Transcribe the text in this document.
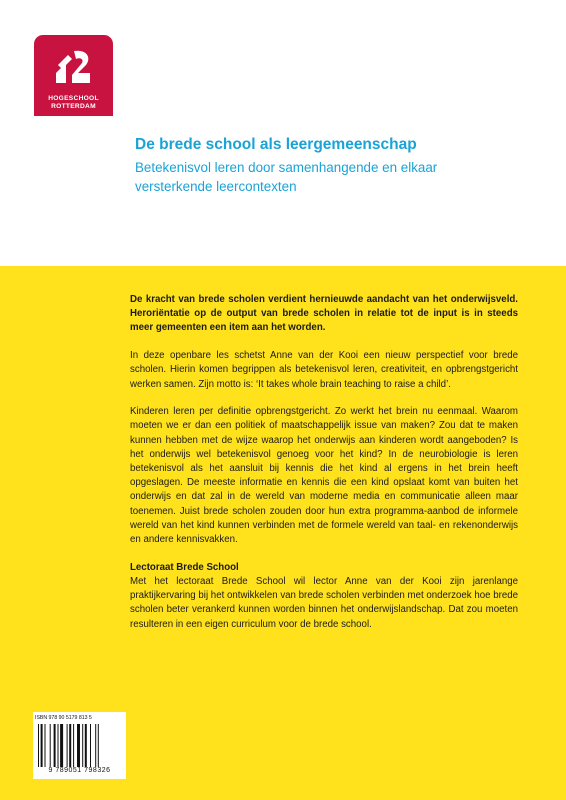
HOGESCHOOL
ROTTERDAM
De brede school als leergemeenschap
Betekenisvol leren door samenhangende en elkaar versterkende leercontexten

De kracht van brede scholen verdient hernieuwde aandacht van het onderwijsveld. Heroriëntatie op de output van brede scholen in relatie tot de input is in steeds meer gemeenten een item aan het worden.

In deze openbare les schetst Anne van der Kooi een nieuw perspectief voor brede scholen. Hierin komen begrippen als betekenisvol leren, creativiteit, en opbrengstgericht werken samen. Zijn motto is: ‘It takes whole brain teaching to raise a child’.

Kinderen leren per definitie opbrengstgericht. Zo werkt het brein nu eenmaal. Waarom moeten we er dan een politiek of maatschappelijk issue van maken? Zou dat te maken kunnen hebben met de wijze waarop het onderwijs aan kinderen wordt aangeboden? Is het onderwijs wel betekenisvol genoeg voor het kind? In de neurobiologie is leren betekenisvol als het aansluit bij kennis die het kind al ergens in het brein heeft opgeslagen. De meeste informatie en kennis die een kind opslaat komt van buiten het onderwijs en dat zal in de wereld van moderne media en communicatie alleen maar toenemen. Juist brede scholen zouden door hun extra programma-aanbod de informele wereld van het kind kunnen verbinden met de formele wereld van taal- en rekenonderwijs en andere kennisvakken.

Lectoraat Brede School

Met het lectoraat Brede School wil lector Anne van der Kooi zijn jarenlange praktijkervaring bij het ontwikkelen van brede scholen verbinden met onderzoek hoe brede scholen beter verankerd kunnen worden binnen het onderwijslandschap. Dat zou moeten resulteren in een eigen curriculum voor de brede school.

ISBN 978 90 5179 813 5
9 789051 798326
